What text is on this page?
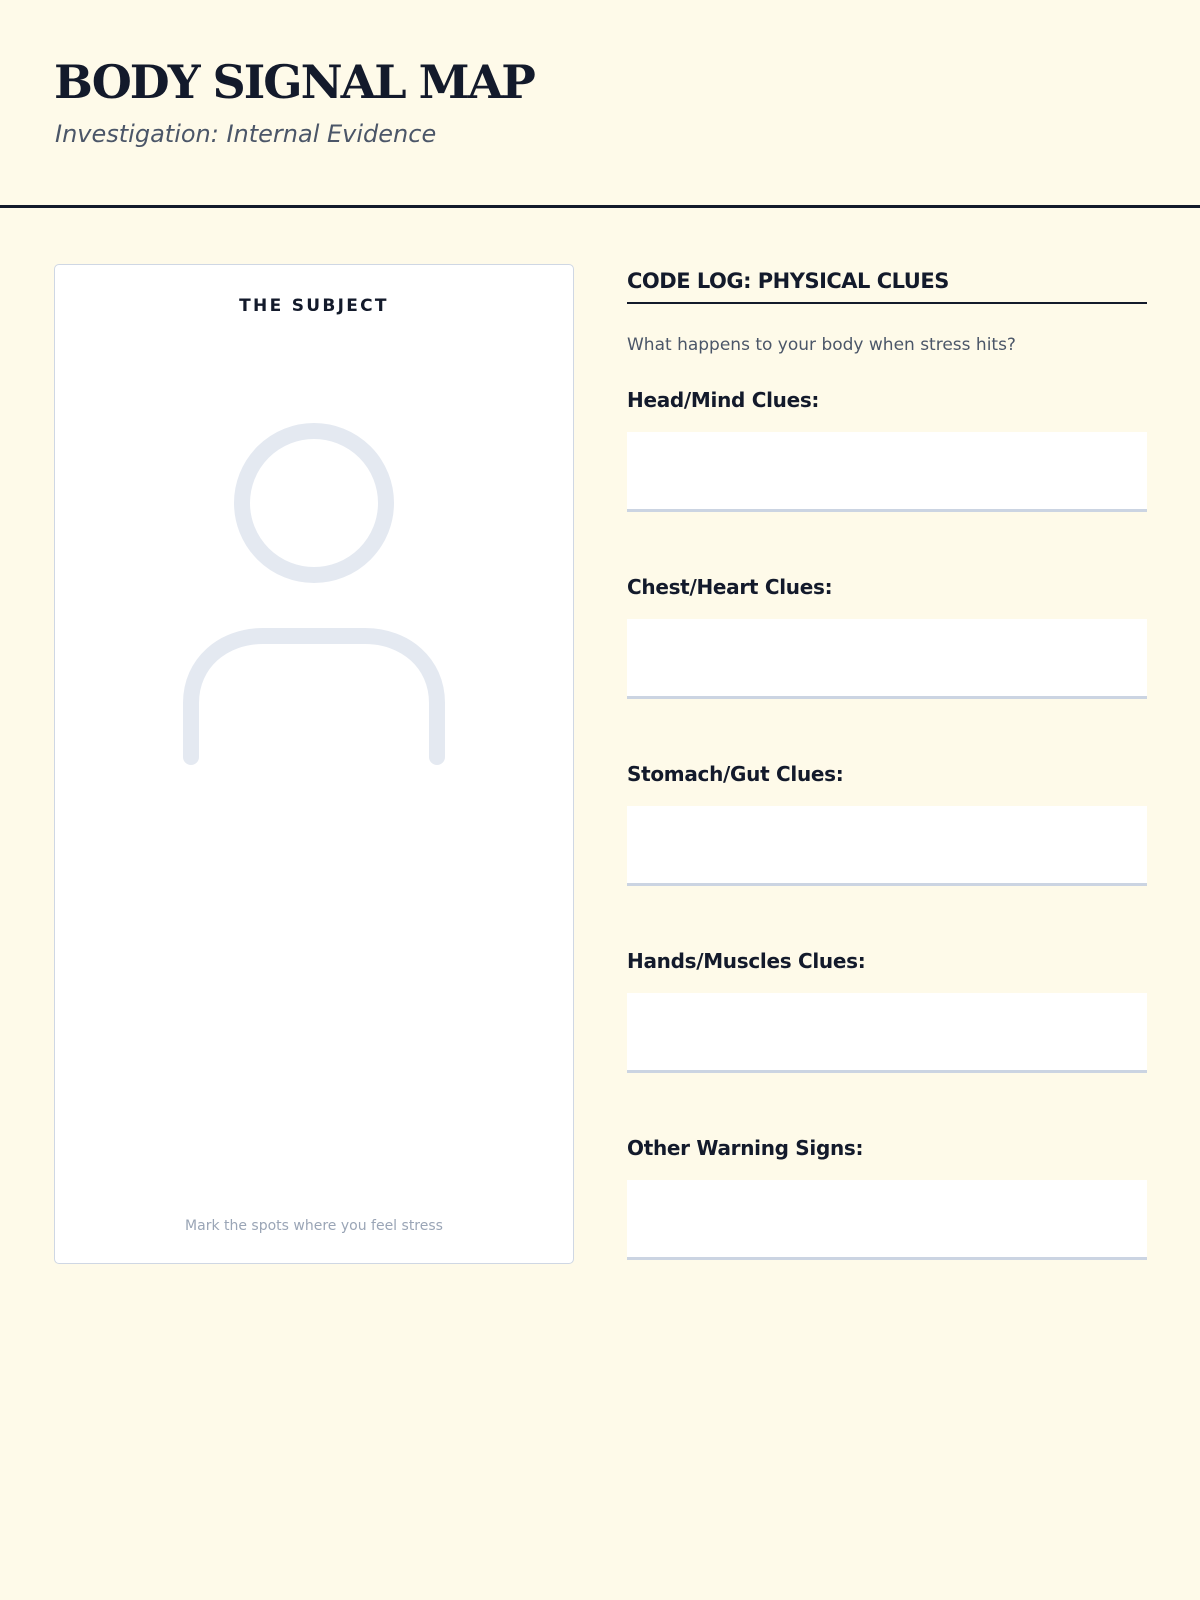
BODY SIGNAL MAP

Investigation: Internal Evidence

THE SUBJECT
Mark the spots where you feel stress
CODE LOG: PHYSICAL CLUES
What happens to your body when stress hits?
Head/Mind Clues:
Chest/Heart Clues:
Stomach/Gut Clues:
Hands/Muscles Clues:
Other Warning Signs:
